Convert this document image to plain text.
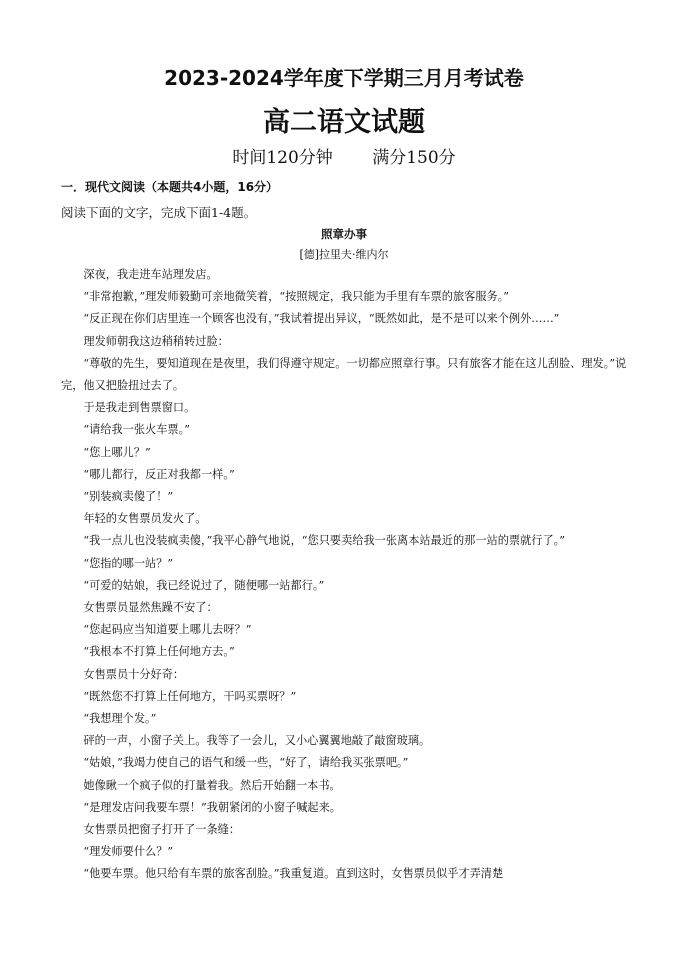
2023-2024学年度下学期三月月考试卷
高二语文试题
时间120分钟 满分150分
一．现代文阅读（本题共4小题，16分）
阅读下面的文字，完成下面1-4题。
照章办事
[德]拉里夫·维内尔

深夜，我走进车站理发店。

“非常抱歉，”理发师毅勤可亲地微笑着，“按照规定，我只能为手里有车票的旅客服务。”

“反正现在你们店里连一个顾客也没有，”我试着提出异议，“既然如此，是不是可以来个例外……”

理发师朝我这边稍稍转过脸：

“尊敬的先生，要知道现在是夜里，我们得遵守规定。一切都应照章行事。只有旅客才能在这儿刮脸、理发。”说完，他又把脸扭过去了。

于是我走到售票窗口。

“请给我一张火车票。”

“您上哪儿？”

“哪儿都行，反正对我都一样。”

“别装疯卖傻了！”

年轻的女售票员发火了。

“我一点儿也没装疯卖傻，”我平心静气地说，“您只要卖给我一张离本站最近的那一站的票就行了。”

“您指的哪一站？”

“可爱的姑娘，我已经说过了，随便哪一站都行。”

女售票员显然焦躁不安了：

“您起码应当知道要上哪儿去呀？”

“我根本不打算上任何地方去。”

女售票员十分好奇：

“既然您不打算上任何地方，干吗买票呀？”

“我想理个发。”

砰的一声，小窗子关上。我等了一会儿，又小心翼翼地敲了敲窗玻璃。

“姑娘，”我竭力使自己的语气和缓一些，“好了，请给我买张票吧。”

她像瞅一个疯子似的打量着我。然后开始翻一本书。

“是理发店问我要车票！”我朝紧闭的小窗子喊起来。

女售票员把窗子打开了一条缝：

“理发师要什么？”

“他要车票。他只给有车票的旅客刮脸。”我重复道。直到这时，女售票员似乎才弄清楚
